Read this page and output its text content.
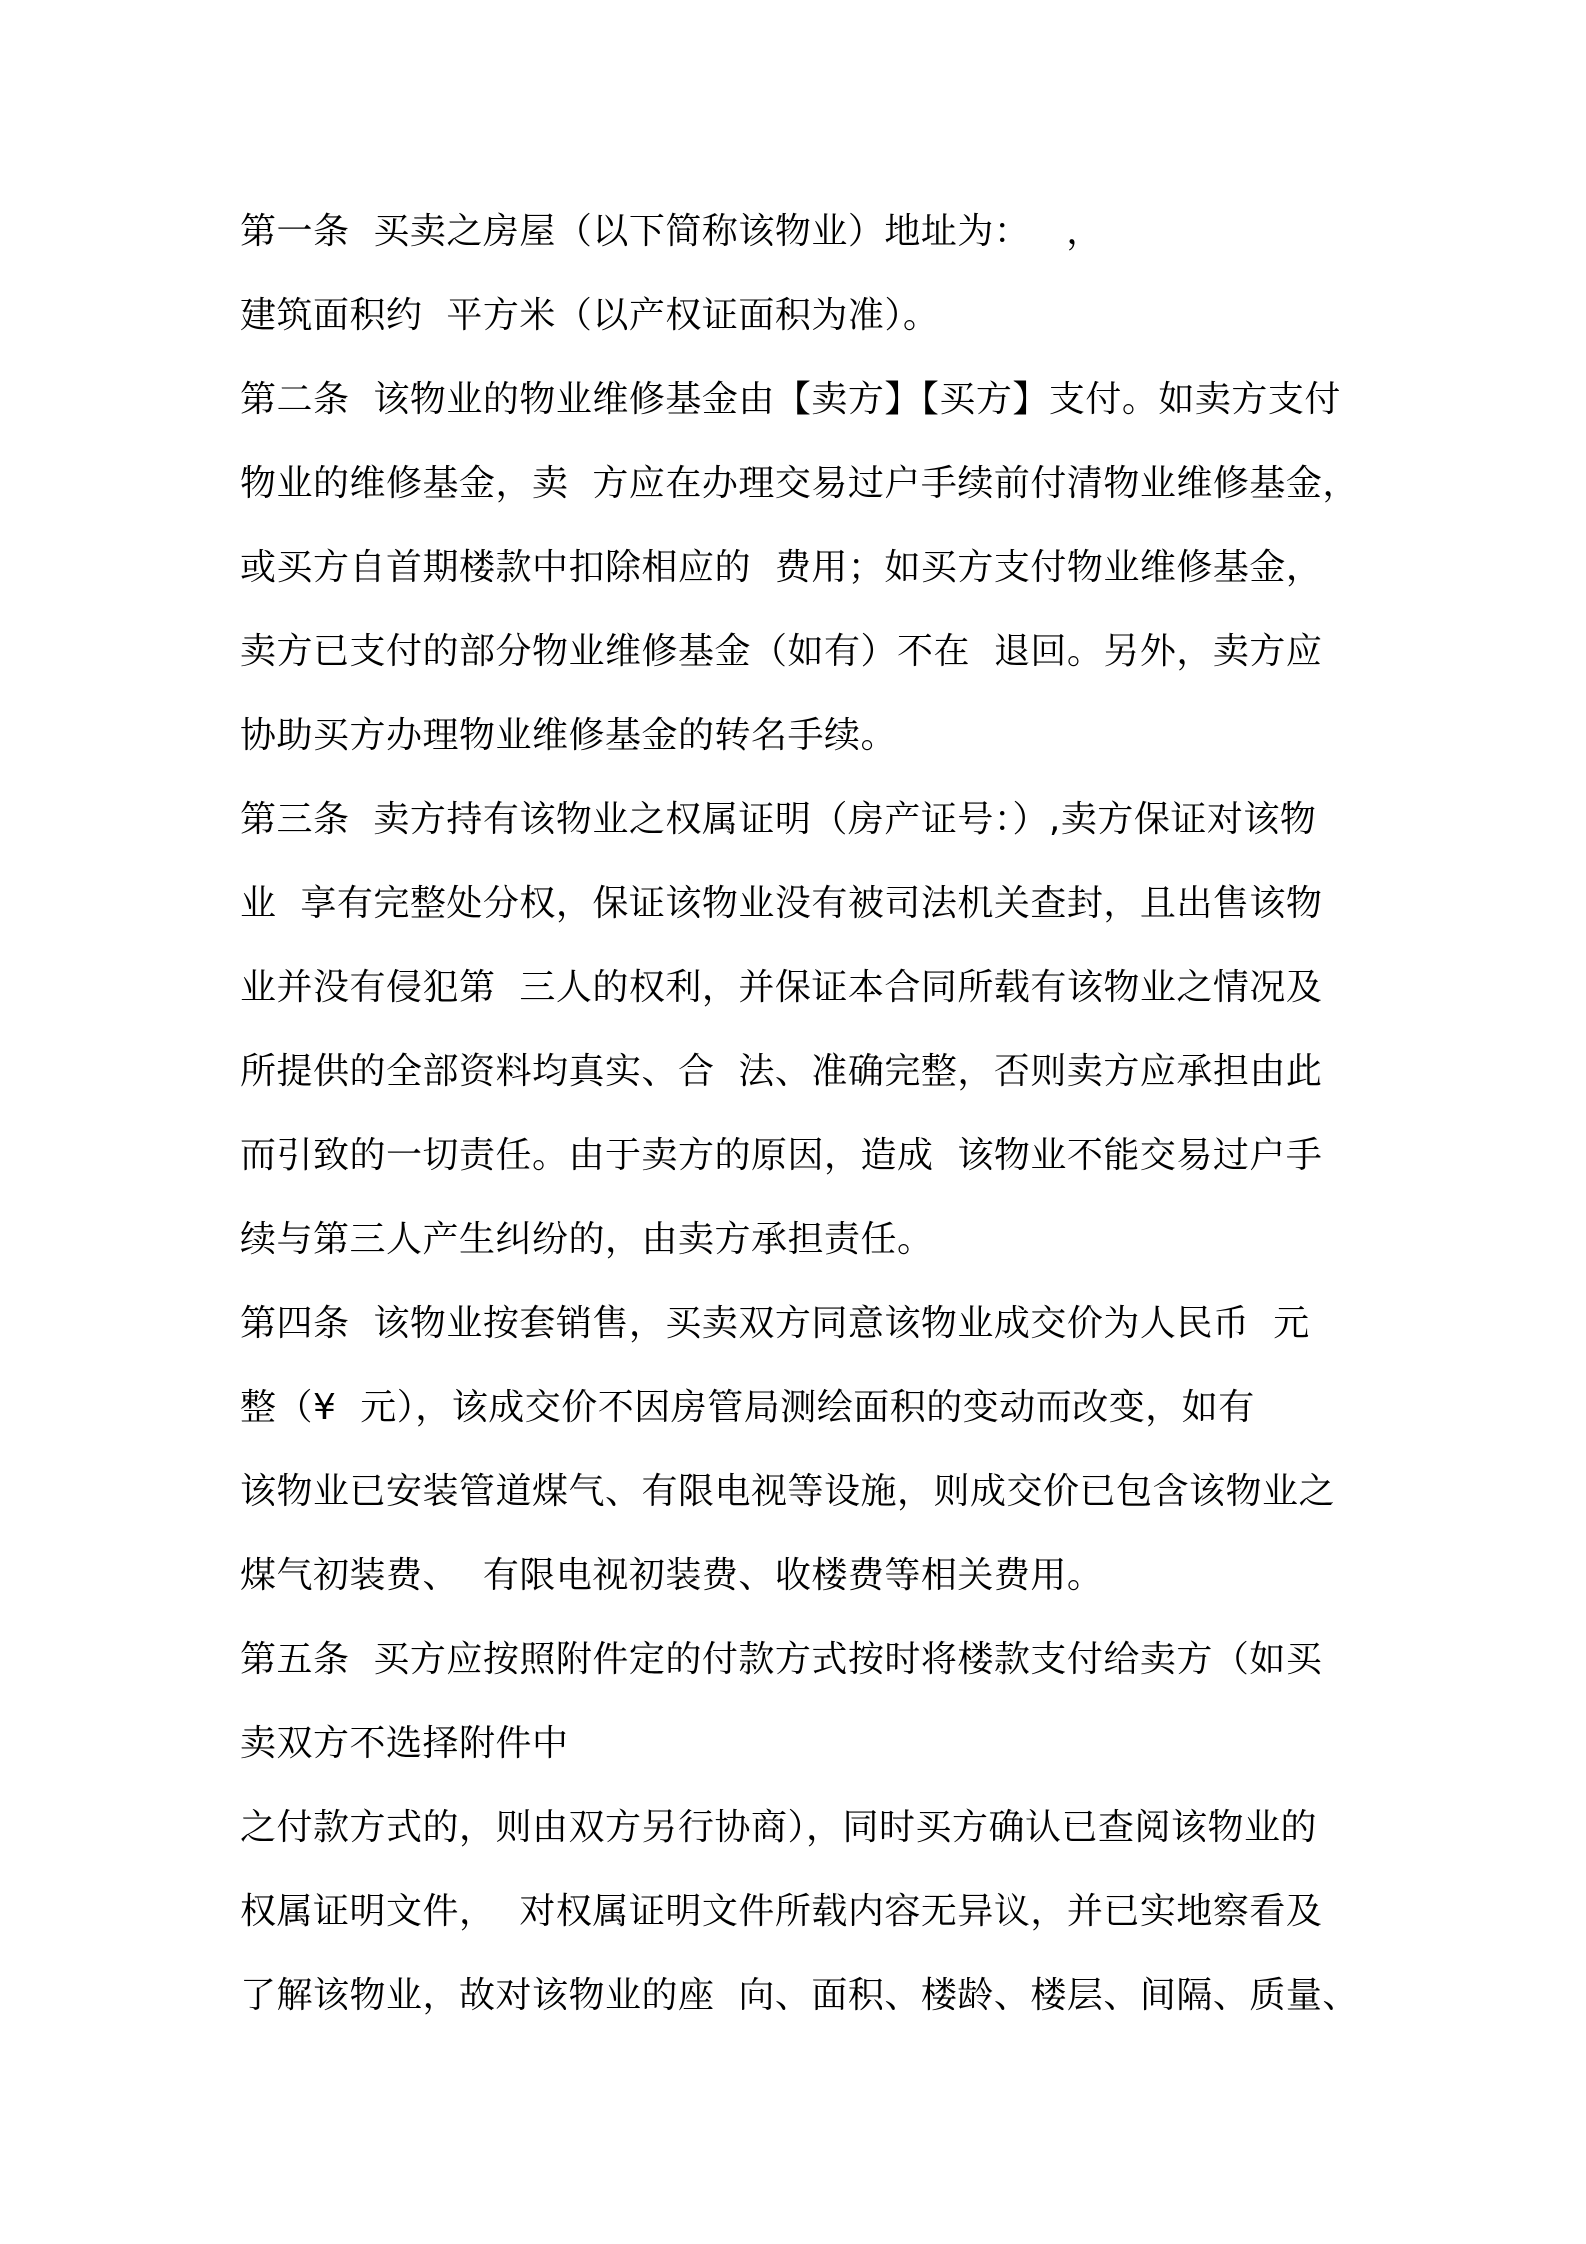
第一条  买卖之房屋（以下简称该物业）地址为：   ，
建筑面积约  平方米（以产权证面积为准）。
第二条  该物业的物业维修基金由【卖方】【买方】支付。如卖方支付
物业的维修基金，卖  方应在办理交易过户手续前付清物业维修基金，
或买方自首期楼款中扣除相应的  费用；如买方支付物业维修基金，
卖方已支付的部分物业维修基金（如有）不在  退回。另外，卖方应
协助买方办理物业维修基金的转名手续。
第三条  卖方持有该物业之权属证明（房产证号：）,卖方保证对该物
业  享有完整处分权，保证该物业没有被司法机关查封，且出售该物
业并没有侵犯第  三人的权利，并保证本合同所载有该物业之情况及
所提供的全部资料均真实、合  法、准确完整，否则卖方应承担由此
而引致的一切责任。由于卖方的原因，造成  该物业不能交易过户手
续与第三人产生纠纷的，由卖方承担责任。
第四条  该物业按套销售，买卖双方同意该物业成交价为人民币  元
整（¥  元），该成交价不因房管局测绘面积的变动而改变，如有
该物业已安装管道煤气、有限电视等设施，则成交价已包含该物业之
煤气初装费、  有限电视初装费、收楼费等相关费用。
第五条  买方应按照附件定的付款方式按时将楼款支付给卖方（如买
卖双方不选择附件中
之付款方式的，则由双方另行协商），同时买方确认已查阅该物业的
权属证明文件，  对权属证明文件所载内容无异议，并已实地察看及
了解该物业，故对该物业的座  向、面积、楼龄、楼层、间隔、质量、
